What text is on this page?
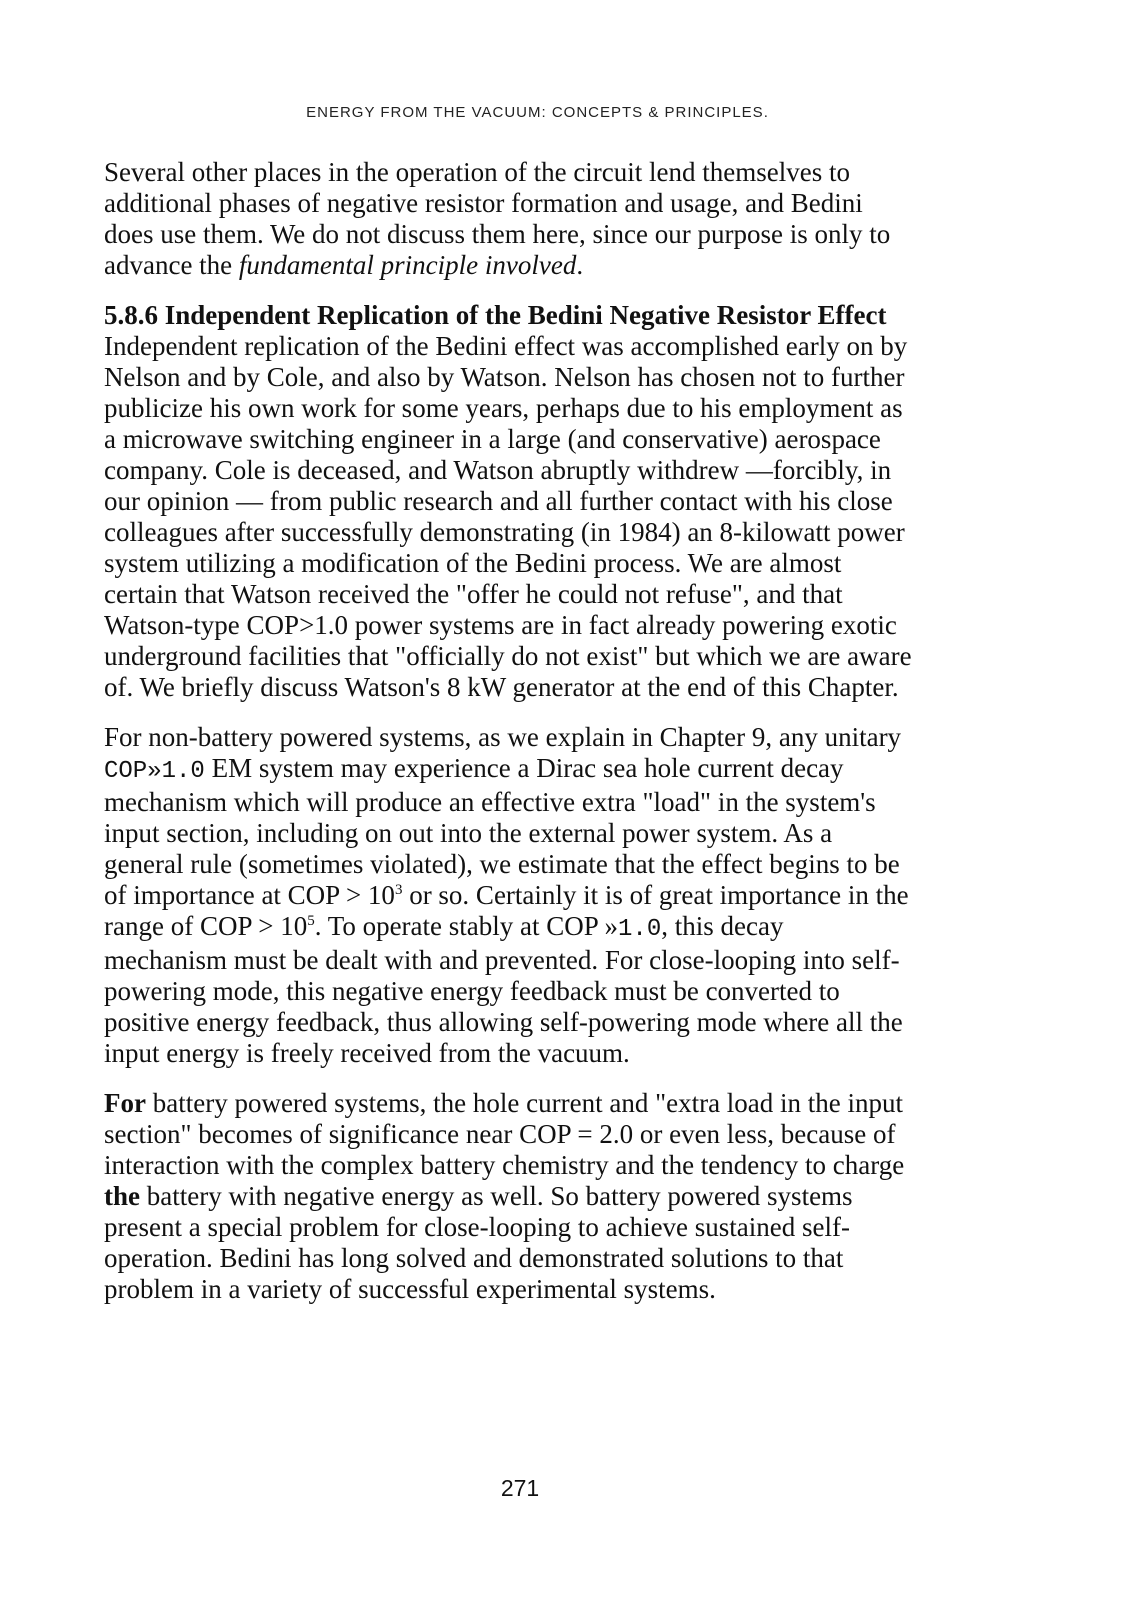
ENERGY FROM THE VACUUM: CONCEPTS & PRINCIPLES.

Several other places in the operation of the circuit lend themselves to
additional phases of negative resistor formation and usage, and Bedini
does use them. We do not discuss them here, since our purpose is only to
advance the fundamental principle involved.

5.8.6 Independent Replication of the Bedini Negative Resistor Effect
Independent replication of the Bedini effect was accomplished early on by
Nelson and by Cole, and also by Watson. Nelson has chosen not to further
publicize his own work for some years, perhaps due to his employment as
a microwave switching engineer in a large (and conservative) aerospace
company. Cole is deceased, and Watson abruptly withdrew —forcibly, in
our opinion — from public research and all further contact with his close
colleagues after successfully demonstrating (in 1984) an 8-kilowatt power
system utilizing a modification of the Bedini process. We are almost
certain that Watson received the "offer he could not refuse", and that
Watson-type COP>1.0 power systems are in fact already powering exotic
underground facilities that "officially do not exist" but which we are aware
of. We briefly discuss Watson's 8 kW generator at the end of this Chapter.

For non-battery powered systems, as we explain in Chapter 9, any unitary
COP»1.0 EM system may experience a Dirac sea hole current decay
mechanism which will produce an effective extra "load" in the system's
input section, including on out into the external power system. As a
general rule (sometimes violated), we estimate that the effect begins to be
of importance at COP > $10^3$ or so. Certainly it is of great importance in the
range of COP > $10^5$. To operate stably at COP »1.0, this decay
mechanism must be dealt with and prevented. For close-looping into self-
powering mode, this negative energy feedback must be converted to
positive energy feedback, thus allowing self-powering mode where all the
input energy is freely received from the vacuum.

For battery powered systems, the hole current and "extra load in the input
section" becomes of significance near COP = 2.0 or even less, because of
interaction with the complex battery chemistry and the tendency to charge
the battery with negative energy as well. So battery powered systems
present a special problem for close-looping to achieve sustained self-
operation. Bedini has long solved and demonstrated solutions to that
problem in a variety of successful experimental systems.

271
